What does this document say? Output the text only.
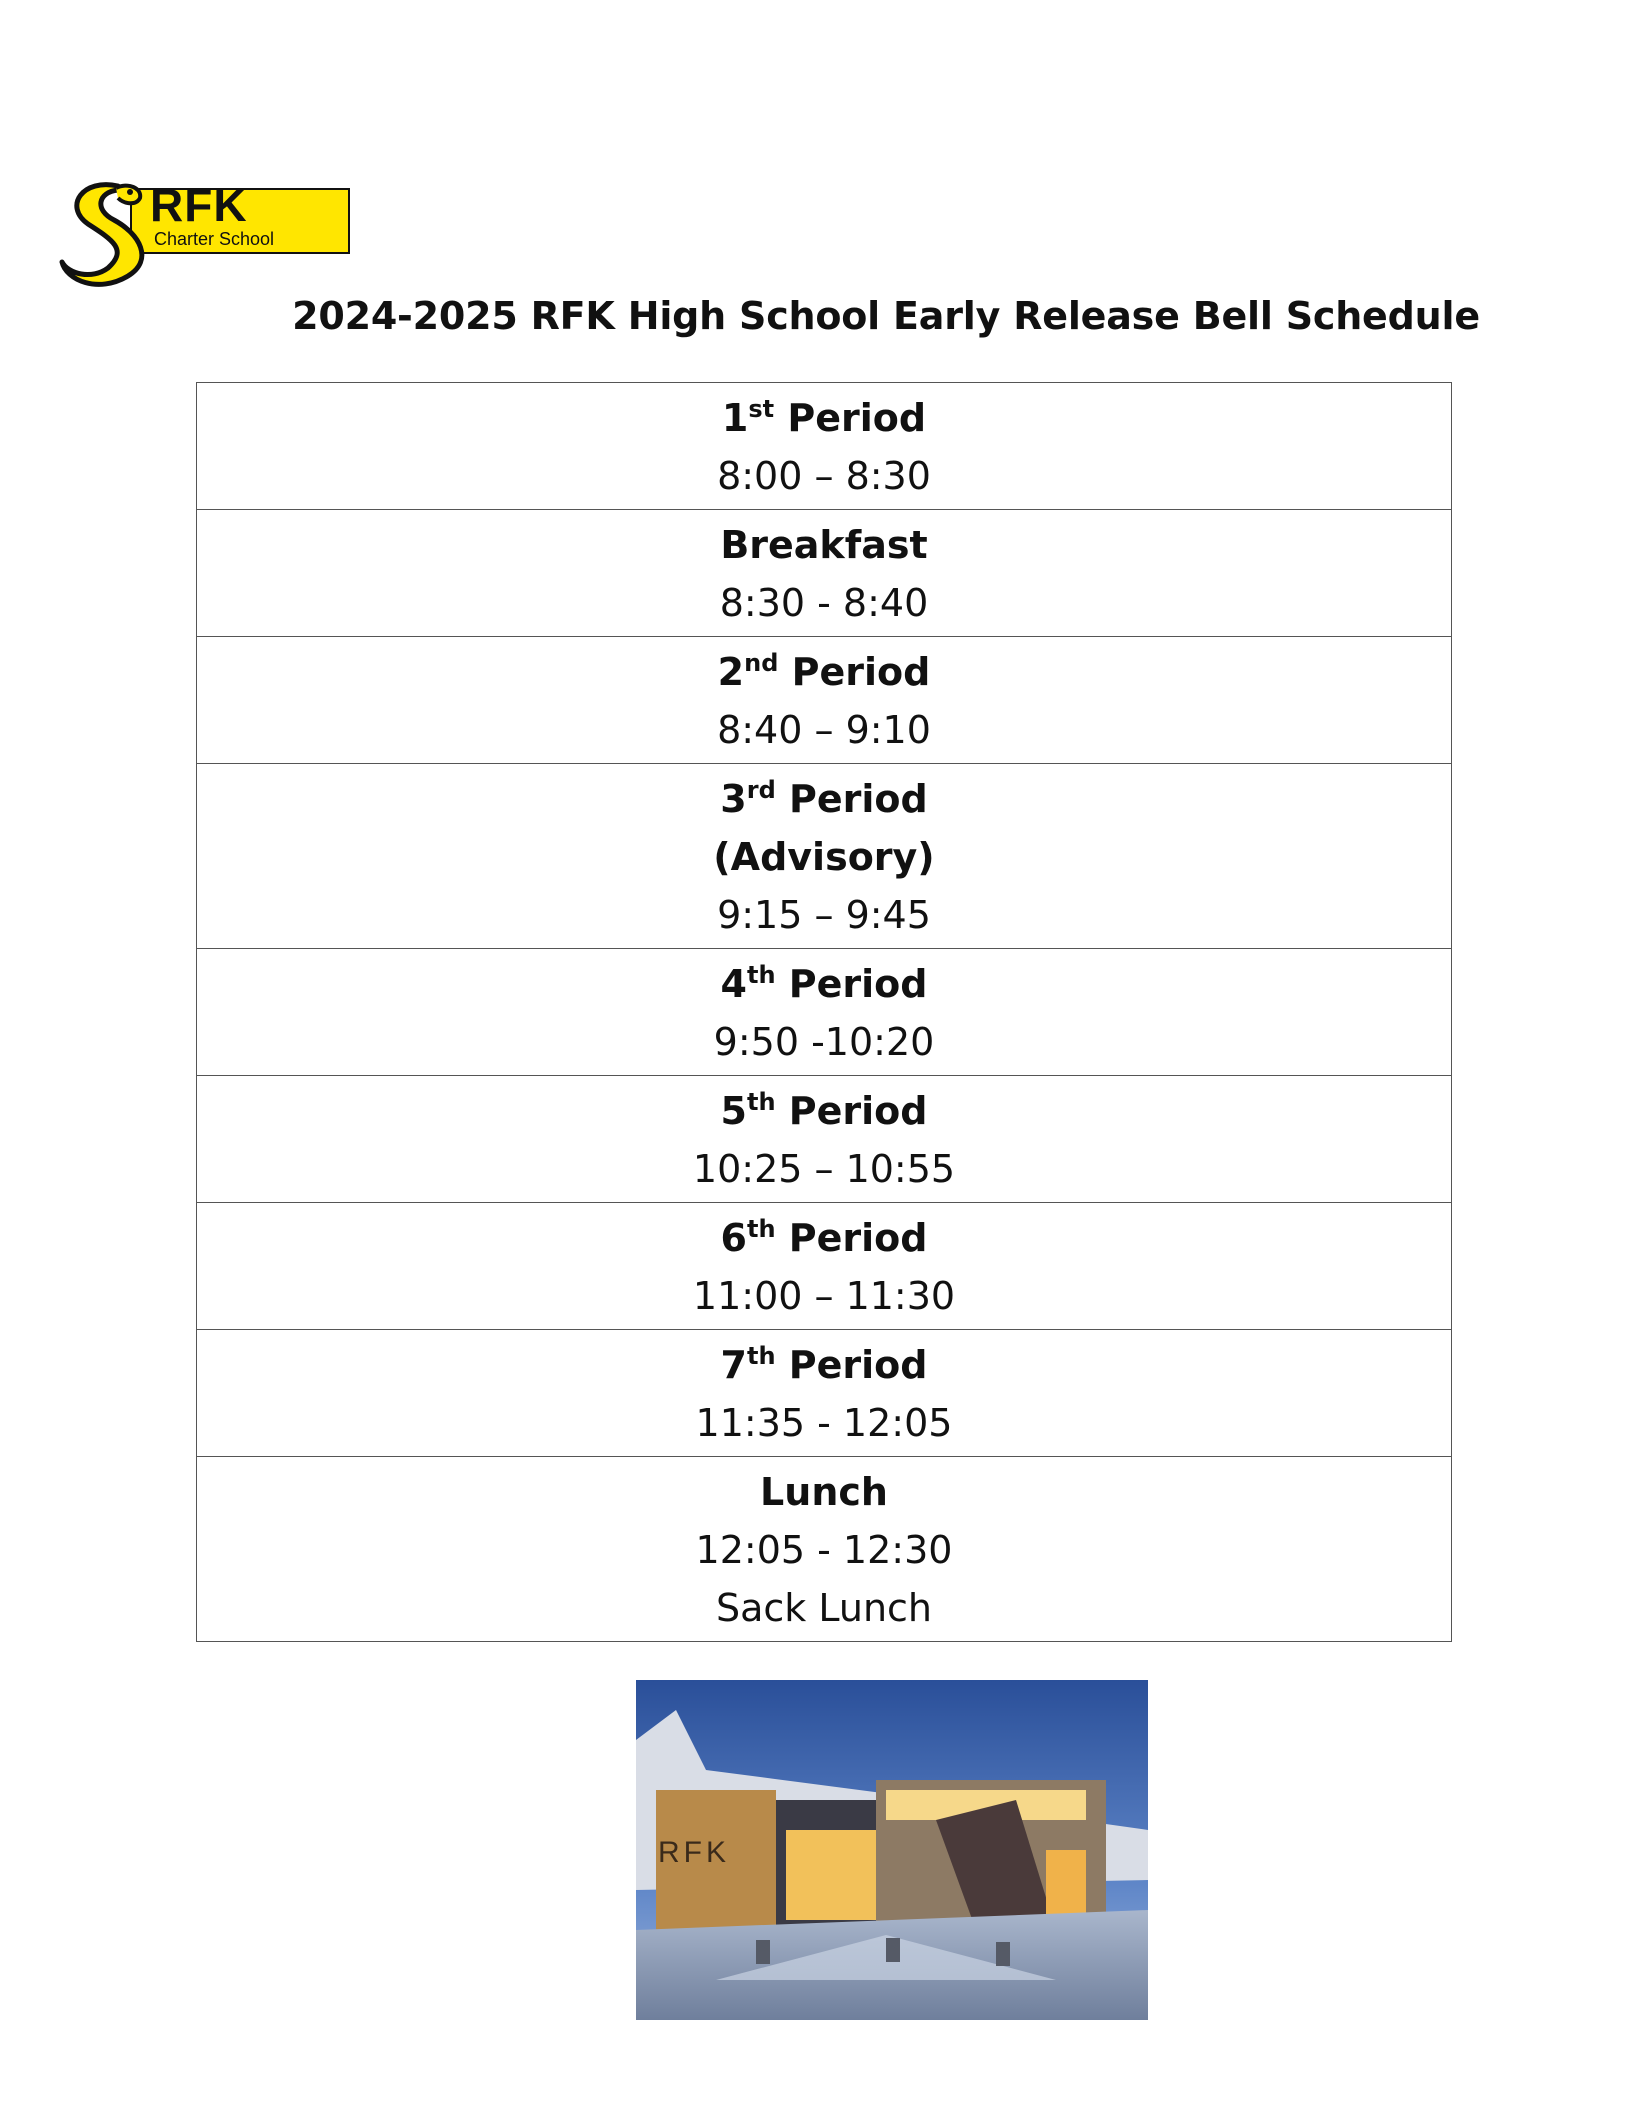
RFK
Charter School
2024-2025 RFK High School Early Release Bell Schedule
1st Period
8:00 – 8:30
Breakfast
8:30 - 8:40
2nd Period
8:40 – 9:10
3rd Period
(Advisory)
9:15 – 9:45
4th Period
9:50 -10:20
5th Period
10:25 – 10:55
6th Period
11:00 – 11:30
7th Period
11:35 - 12:05
Lunch
12:05 - 12:30
Sack Lunch
RFK
